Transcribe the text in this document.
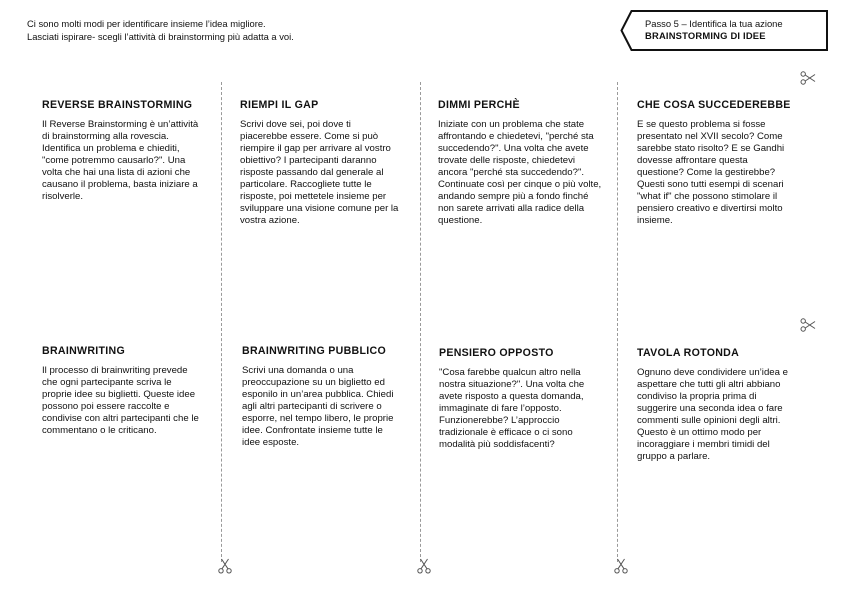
Ci sono molti modi per identificare insieme l’idea migliore.
Lasciati ispirare- scegli l’attività di brainstorming più adatta a voi.
Passo 5 – Identifica la tua azione
BRAINSTORMING DI IDEE
REVERSE BRAINSTORMING

Il Reverse Brainstorming è un’attività di brainstorming alla rovescia. Identifica un problema e chiediti, "come potremmo causarlo?". Una volta che hai una lista di azioni che causano il problema, basta iniziare a risolverle.

RIEMPI IL GAP

Scrivi dove sei, poi dove ti piacerebbe essere. Come si può riempire il gap per arrivare al vostro obiettivo? I partecipanti daranno risposte passando dal generale al particolare. Raccogliete tutte le risposte, poi mettetele insieme per sviluppare una visione comune per la vostra azione.

DIMMI PERCHÈ

Iniziate con un problema che state affrontando e chiedetevi, "perché sta succedendo?". Una volta che avete trovate delle risposte, chiedetevi ancora "perché sta succedendo?". Continuate così per cinque o più volte, andando sempre più a fondo finché non sarete arrivati alla radice della questione.

CHE COSA SUCCEDEREBBE

E se questo problema si fosse presentato nel XVII secolo? Come sarebbe stato risolto? E se Gandhi dovesse affrontare questa questione? Come la gestirebbe? Questi sono tutti esempi di scenari "what if" che possono stimolare il pensiero creativo e divertirsi molto insieme.

BRAINWRITING

Il processo di brainwriting prevede che ogni partecipante scriva le proprie idee su biglietti. Queste idee possono poi essere raccolte e condivise con altri partecipanti che le commentano o le criticano.

BRAINWRITING PUBBLICO

Scrivi una domanda o una preoccupazione su un biglietto ed esponilo in un’area pubblica. Chiedi agli altri partecipanti di scrivere o esporre, nel tempo libero, le proprie idee. Confrontate insieme tutte le idee esposte.

PENSIERO OPPOSTO

"Cosa farebbe qualcun altro nella nostra situazione?". Una volta che avete risposto a questa domanda, immaginate di fare l’opposto. Funzionerebbe? L’approccio tradizionale è efficace o ci sono modalità più soddisfacenti?

TAVOLA ROTONDA

Ognuno deve condividere un’idea e aspettare che tutti gli altri abbiano condiviso la propria prima di suggerire una seconda idea o fare commenti sulle opinioni degli altri. Questo è un ottimo modo per incoraggiare i membri timidi del gruppo a parlare.
